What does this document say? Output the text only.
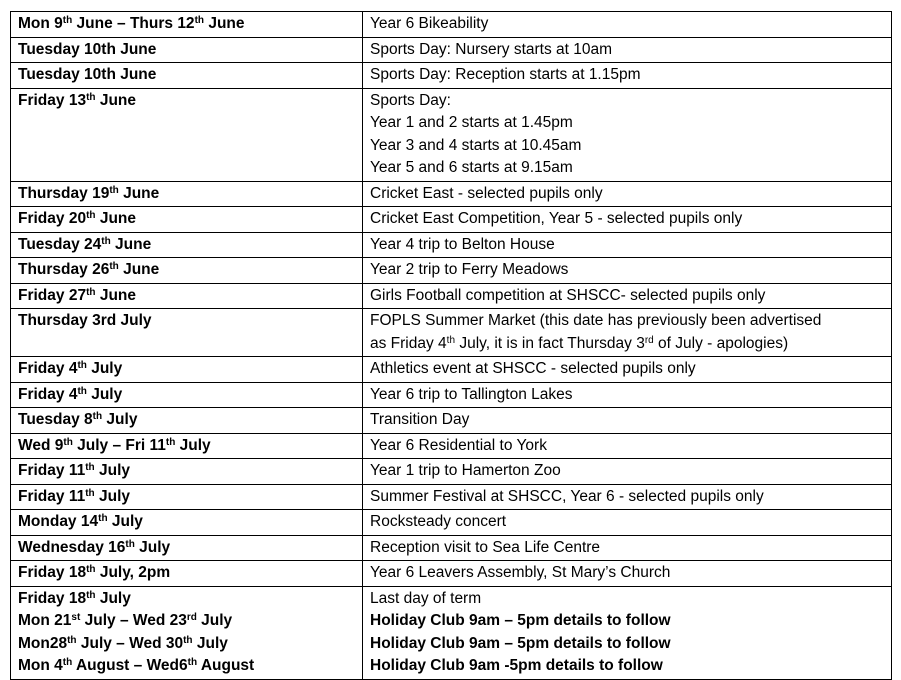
Mon 9th June – Thurs 12th June	Year 6 Bikeability

Tuesday 10th June	Sports Day: Nursery starts at 10am

Tuesday 10th June	Sports Day: Reception starts at 1.15pm

Friday 13th June	Sports Day:
Year 1 and 2 starts at 1.45pm
Year 3 and 4 starts at 10.45am
Year 5 and 6 starts at 9.15am

Thursday 19th June	Cricket East - selected pupils only

Friday 20th June	Cricket East Competition, Year 5 - selected pupils only

Tuesday 24th June	Year 4 trip to Belton House

Thursday 26th June	Year 2 trip to Ferry Meadows

Friday 27th June	Girls Football competition at SHSCC- selected pupils only

Thursday 3rd July	FOPLS Summer Market (this date has previously been advertised
as Friday 4th July, it is in fact Thursday 3rd of July - apologies)

Friday 4th July	Athletics event at SHSCC - selected pupils only

Friday 4th July	Year 6 trip to Tallington Lakes

Tuesday 8th July	Transition Day

Wed 9th July – Fri 11th July	Year 6 Residential to York

Friday 11th July	Year 1 trip to Hamerton Zoo

Friday 11th July	Summer Festival at SHSCC, Year 6 - selected pupils only

Monday 14th July	Rocksteady concert

Wednesday 16th July	Reception visit to Sea Life Centre

Friday 18th July, 2pm	Year 6 Leavers Assembly, St Mary’s Church

Friday 18th July
Mon 21st July – Wed 23rd July
Mon28th July – Wed 30th July
Mon 4th August – Wed6th August	Last day of term
Holiday Club 9am – 5pm details to follow
Holiday Club 9am – 5pm details to follow
Holiday Club 9am -5pm details to follow
